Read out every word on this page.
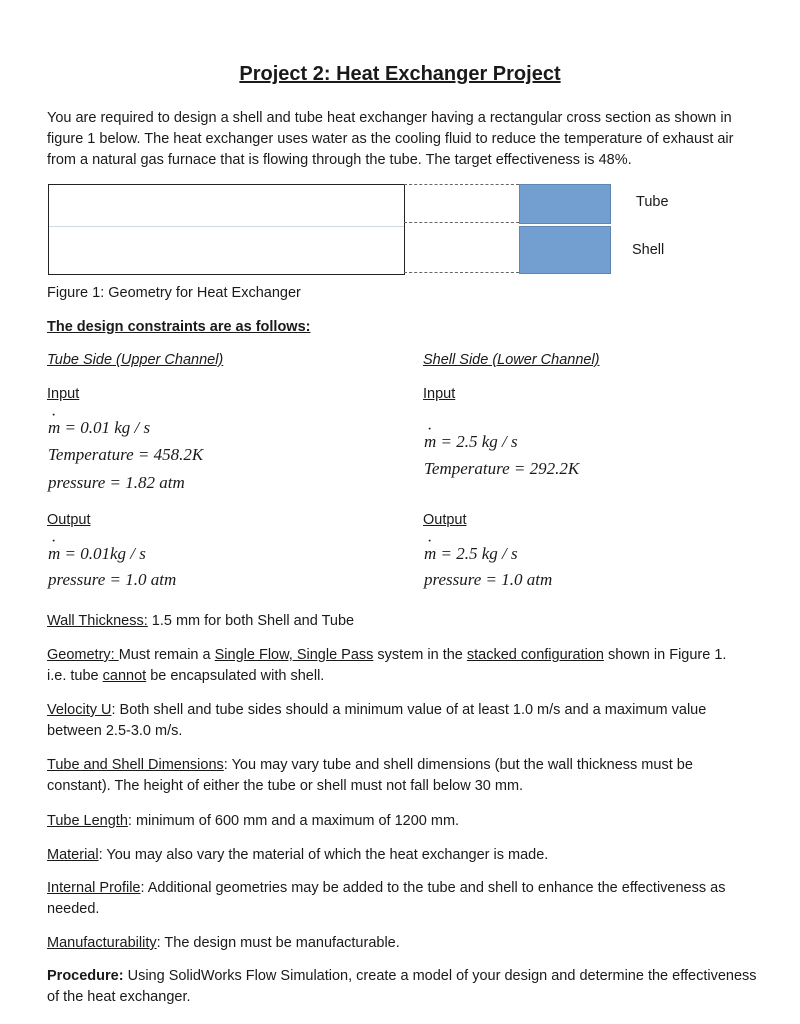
Project 2: Heat Exchanger Project
You are required to design a shell and tube heat exchanger having a rectangular cross section as shown in figure 1 below. The heat exchanger uses water as the cooling fluid to reduce the temperature of exhaust air from a natural gas furnace that is flowing through the tube. The target effectiveness is 48%.
Tube
Shell
Figure 1: Geometry for Heat Exchanger
The design constraints are as follows:
Tube Side (Upper Channel)
Input
· m = 0.01 kg / s
Temperature = 458.2K
pressure = 1.82 atm
Output
· m = 0.01kg / s
pressure = 1.0 atm
Shell Side (Lower Channel)
Input
· m = 2.5 kg / s
Temperature = 292.2K
Output
· m = 2.5 kg / s
pressure = 1.0 atm
Wall Thickness: 1.5 mm for both Shell and Tube
Geometry: Must remain a Single Flow, Single Pass system in the stacked configuration shown in Figure 1.
i.e. tube cannot be encapsulated with shell.
Velocity U: Both shell and tube sides should a minimum value of at least 1.0 m/s and a maximum value between 2.5-3.0 m/s.
Tube and Shell Dimensions: You may vary tube and shell dimensions (but the wall thickness must be constant). The height of either the tube or shell must not fall below 30 mm.
Tube Length: minimum of 600 mm and a maximum of 1200 mm.
Material: You may also vary the material of which the heat exchanger is made.
Internal Profile: Additional geometries may be added to the tube and shell to enhance the effectiveness as needed.
Manufacturability: The design must be manufacturable.
Procedure: Using SolidWorks Flow Simulation, create a model of your design and determine the effectiveness of the heat exchanger.
